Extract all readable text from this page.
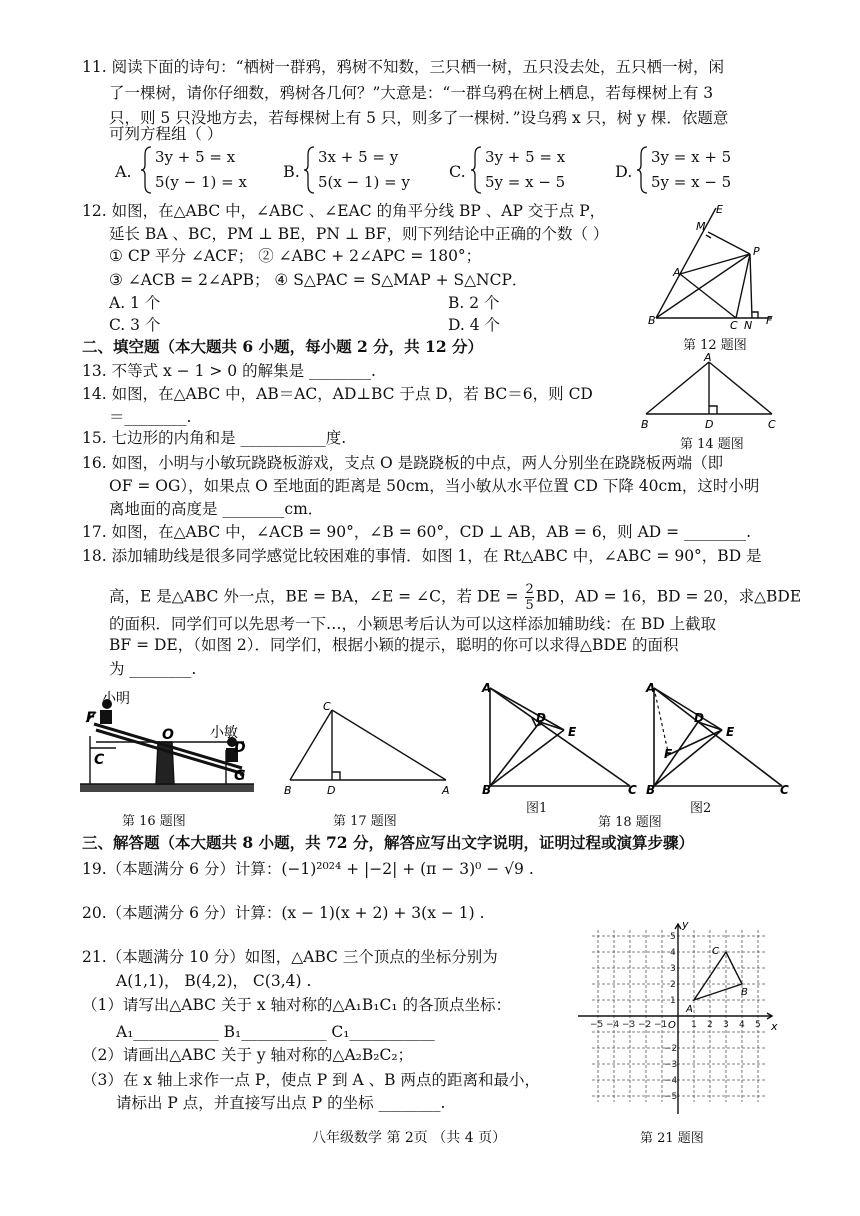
11. 阅读下面的诗句：“栖树一群鸦，鸦树不知数，三只栖一树，五只没去处，五只栖一树，闲
了一棵树，请你仔细数，鸦树各几何？”大意是：“一群乌鸦在树上栖息，若每棵树上有 3
只，则 5 只没地方去，若每棵树上有 5 只，则多了一棵树．”设乌鸦 x 只，树 y 棵．依题意
可列方程组（ ）
A.
3y + 5 = x
5(y − 1) = x
B.
3x + 5 = y
5(x − 1) = y
C.
3y + 5 = x
5y = x − 5
D.
3y = x + 5
5y = x − 5
12. 如图，在△ABC 中，∠ABC 、∠EAC 的角平分线 BP 、AP 交于点 P，
延长 BA 、BC，PM ⊥ BE，PN ⊥ BF，则下列结论中正确的个数（ ）
① CP 平分 ∠ACF； ② ∠ABC + 2∠APC = 180°；
③ ∠ACB = 2∠APB； ④ S△PAC = S△MAP + S△NCP．
A. 1 个	B. 2 个
C. 3 个	D. 4 个
E
M
P
A
B	C N F
第 12 题图
二、填空题（本大题共 6 小题，每小题 2 分，共 12 分）
13. 不等式 x − 1 > 0 的解集是 ________.
14. 如图，在△ABC 中，AB＝AC，AD⊥BC 于点 D，若 BC＝6，则 CD
＝________.
A
B	D	C
第 14 题图
15. 七边形的内角和是 ___________度.
16. 如图，小明与小敏玩跷跷板游戏，支点 O 是跷跷板的中点，两人分别坐在跷跷板两端（即
OF = OG），如果点 O 至地面的距离是 50cm，当小敏从水平位置 CD 下降 40cm，这时小明
离地面的高度是 ________cm．
17. 如图，在△ABC 中，∠ACB = 90°，∠B = 60°，CD ⊥ AB，AB = 6，则 AD = ________.
18. 添加辅助线是很多同学感觉比较困难的事情．如图 1，在 Rt△ABC 中，∠ABC = 90°，BD 是
高，E 是△ABC 外一点，BE = BA，∠E = ∠C，若 DE = $\frac{2}{5}$ BD，AD = 16，BD = 20，求△BDE
的面积．同学们可以先思考一下…，小颖思考后认为可以这样添加辅助线：在 BD 上截取
BF = DE，（如图 2）．同学们，根据小颖的提示，聪明的你可以求得△BDE 的面积
为 ________.
小明
小敏
F
O
C
D
G
第 16 题图
C
B	D	A
第 17 题图
A
D
E
B	C
图1
A
D
E
F
B	C
图2
第 18 题图
三、解答题（本大题共 8 小题，共 72 分，解答应写出文字说明，证明过程或演算步骤）
19.（本题满分 6 分）计算：(−1)²⁰²⁴ + |−2| + (π − 3)⁰ − √9 .
20.（本题满分 6 分）计算：(x − 1)(x + 2) + 3(x − 1) .
21.（本题满分 10 分）如图，△ABC 三个顶点的坐标分别为
A(1,1)， B(4,2)， C(3,4) .
（1）请写出△ABC 关于 x 轴对称的△A₁B₁C₁ 的各顶点坐标：
A₁___________ B₁___________ C₁___________
（2）请画出△ABC 关于 y 轴对称的△A₂B₂C₂；
（3）在 x 轴上求作一点 P，使点 P 到 A 、B 两点的距离和最小，
请标出 P 点，并直接写出点 P 的坐标 ________.
y
x
O
A
B
C
1 2 3 4 5
−5 −4 −3 −2 −1
1
2
3
4
5
−2
−3
−4
−5
第 21 题图
八年级数学 第 2页 （共 4 页）
